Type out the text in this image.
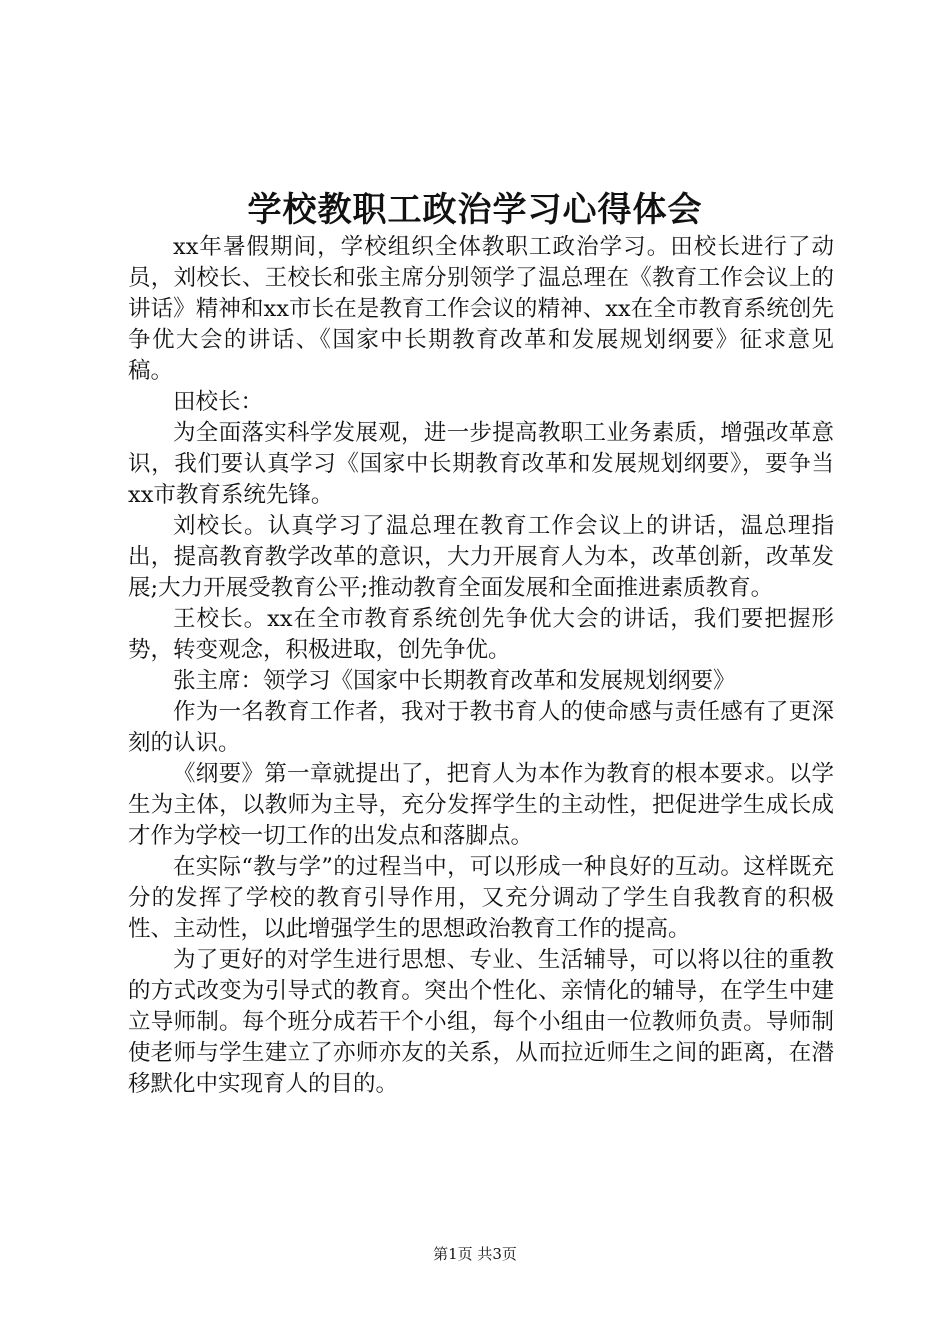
学校教职工政治学习心得体会

xx年暑假期间，学校组织全体教职工政治学习。田校长进行了动员，刘校长、王校长和张主席分别领学了温总理在《教育工作会议上的讲话》精神和xx市长在是教育工作会议的精神、xx在全市教育系统创先争优大会的讲话、《国家中长期教育改革和发展规划纲要》征求意见稿。

田校长：

为全面落实科学发展观，进一步提高教职工业务素质，增强改革意识，我们要认真学习《国家中长期教育改革和发展规划纲要》，要争当xx市教育系统先锋。

刘校长。认真学习了温总理在教育工作会议上的讲话，温总理指出，提高教育教学改革的意识，大力开展育人为本，改革创新，改革发展;大力开展受教育公平;推动教育全面发展和全面推进素质教育。

王校长。xx在全市教育系统创先争优大会的讲话，我们要把握形势，转变观念，积极进取，创先争优。

张主席：领学习《国家中长期教育改革和发展规划纲要》

作为一名教育工作者，我对于教书育人的使命感与责任感有了更深刻的认识。

《纲要》第一章就提出了，把育人为本作为教育的根本要求。以学生为主体，以教师为主导，充分发挥学生的主动性，把促进学生成长成才作为学校一切工作的出发点和落脚点。

在实际“教与学”的过程当中，可以形成一种良好的互动。这样既充分的发挥了学校的教育引导作用，又充分调动了学生自我教育的积极性、主动性，以此增强学生的思想政治教育工作的提高。

为了更好的对学生进行思想、专业、生活辅导，可以将以往的重教的方式改变为引导式的教育。突出个性化、亲情化的辅导，在学生中建立导师制。每个班分成若干个小组，每个小组由一位教师负责。导师制使老师与学生建立了亦师亦友的关系，从而拉近师生之间的距离，在潜移默化中实现育人的目的。

第1页 共3页
